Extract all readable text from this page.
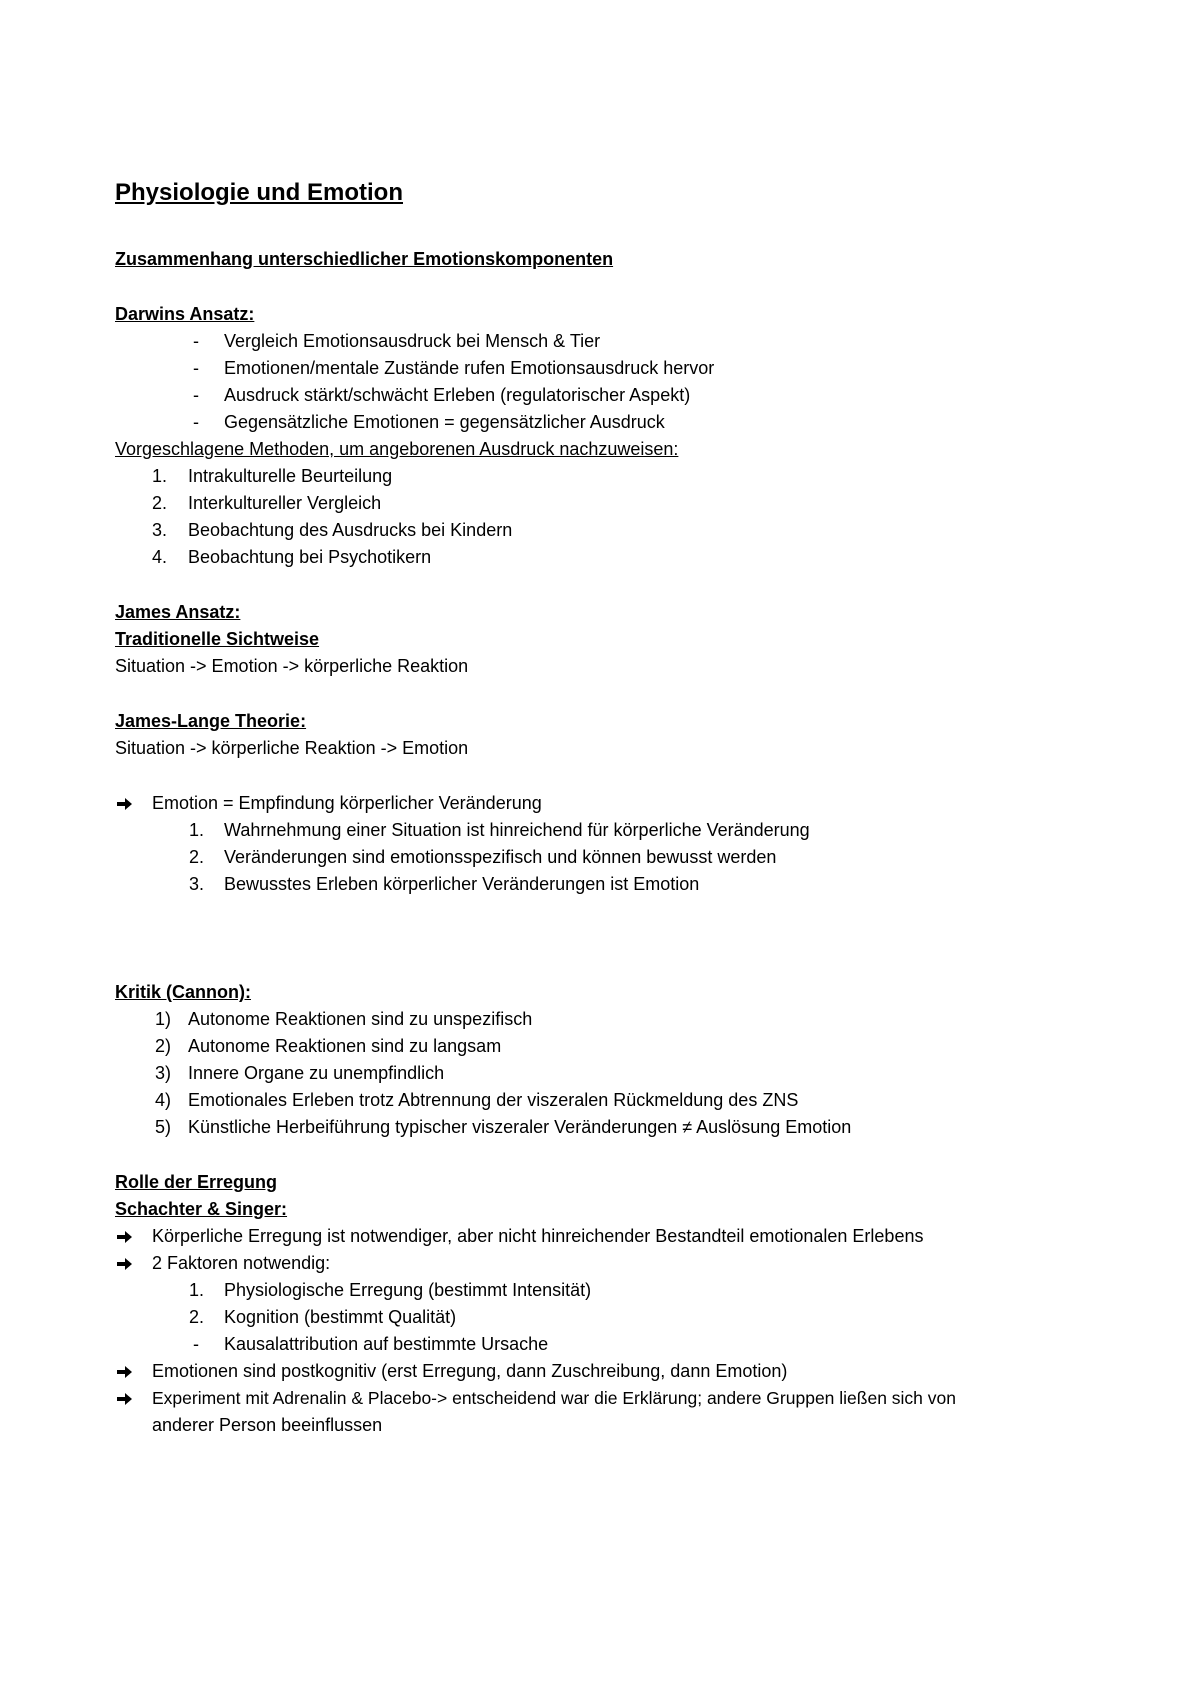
Physiologie und Emotion
Zusammenhang unterschiedlicher Emotionskomponenten
Darwins Ansatz:
- Vergleich Emotionsausdruck bei Mensch & Tier
- Emotionen/mentale Zustände rufen Emotionsausdruck hervor
- Ausdruck stärkt/schwächt Erleben (regulatorischer Aspekt)
- Gegensätzliche Emotionen = gegensätzlicher Ausdruck
Vorgeschlagene Methoden, um angeborenen Ausdruck nachzuweisen:
1. Intrakulturelle Beurteilung
2. Interkultureller Vergleich
3. Beobachtung des Ausdrucks bei Kindern
4. Beobachtung bei Psychotikern
James Ansatz:
Traditionelle Sichtweise
Situation -> Emotion -> körperliche Reaktion
James-Lange Theorie:
Situation -> körperliche Reaktion -> Emotion
Emotion = Empfindung körperlicher Veränderung
1. Wahrnehmung einer Situation ist hinreichend für körperliche Veränderung
2. Veränderungen sind emotionsspezifisch und können bewusst werden
3. Bewusstes Erleben körperlicher Veränderungen ist Emotion
Kritik (Cannon):
1) Autonome Reaktionen sind zu unspezifisch
2) Autonome Reaktionen sind zu langsam
3) Innere Organe zu unempfindlich
4) Emotionales Erleben trotz Abtrennung der viszeralen Rückmeldung des ZNS
5) Künstliche Herbeiführung typischer viszeraler Veränderungen ≠ Auslösung Emotion
Rolle der Erregung
Schachter & Singer:
Körperliche Erregung ist notwendiger, aber nicht hinreichender Bestandteil emotionalen Erlebens
2 Faktoren notwendig:
1. Physiologische Erregung (bestimmt Intensität)
2. Kognition (bestimmt Qualität)
- Kausalattribution auf bestimmte Ursache
Emotionen sind postkognitiv (erst Erregung, dann Zuschreibung, dann Emotion)
Experiment mit Adrenalin & Placebo-> entscheidend war die Erklärung; andere Gruppen ließen sich von
anderer Person beeinflussen
